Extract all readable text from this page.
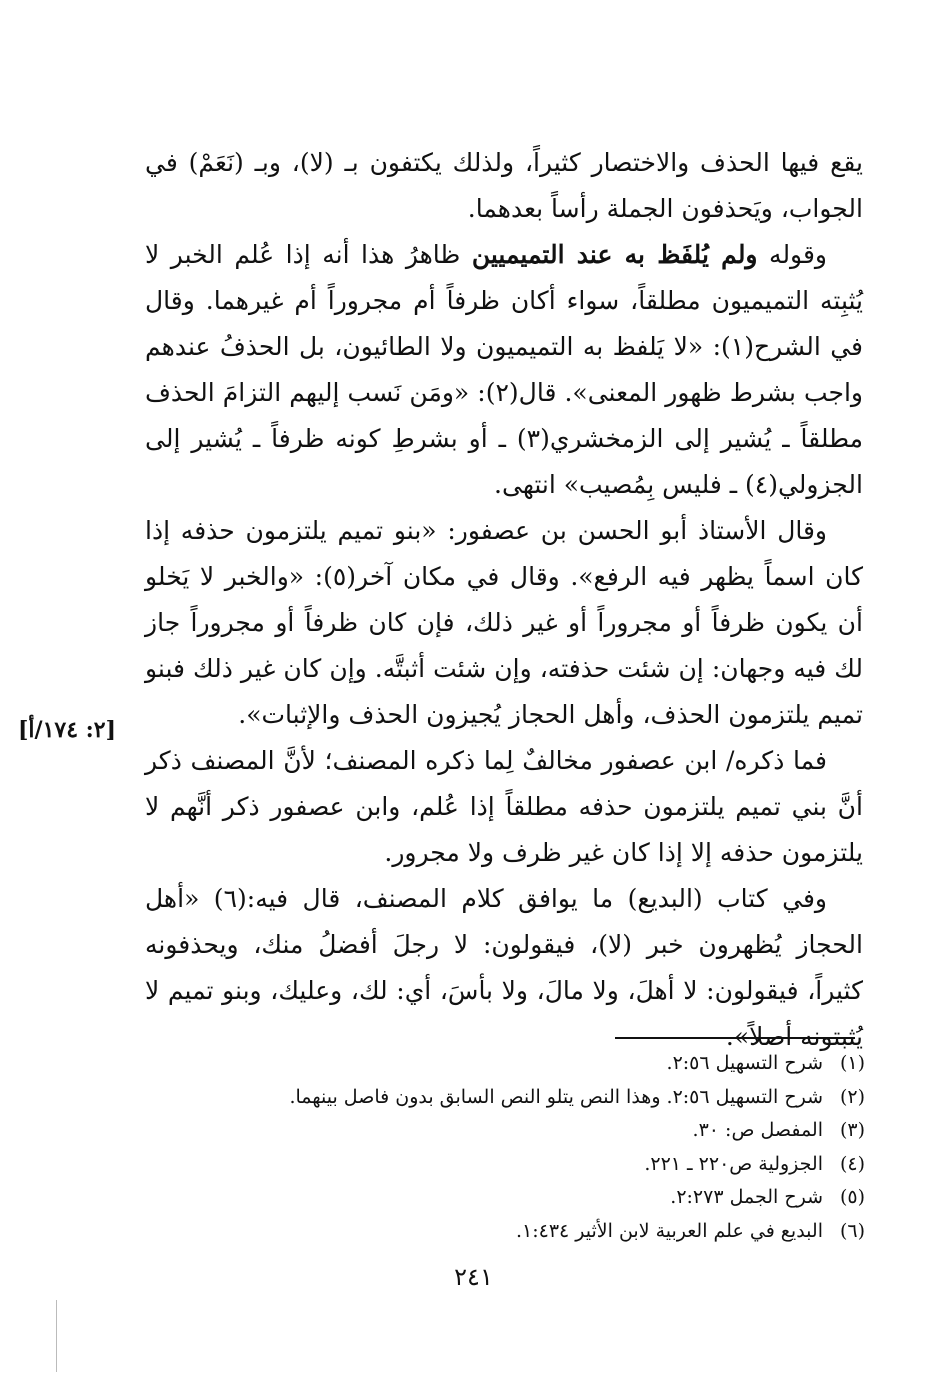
يقع فيها الحذف والاختصار كثيراً، ولذلك يكتفون بـ (لا)، وبـ (نَعَمْ) في الجواب، ويَحذفون الجملة رأساً بعدهما.

وقوله ولم يُلفَظ به عند التميميين ظاهرُ هذا أنه إذا عُلم الخبر لا يُثبِته التميميون مطلقاً، سواء أكان ظرفاً أم مجروراً أم غيرهما. وقال في الشرح(١): «لا يَلفظ به التميميون ولا الطائيون، بل الحذفُ عندهم واجب بشرط ظهور المعنى». قال(٢): «ومَن نَسب إليهم التزامَ الحذف مطلقاً ـ يُشير إلى الزمخشري(٣) ـ أو بشرطِ كونه ظرفاً ـ يُشير إلى الجزولي(٤) ـ فليس بِمُصيب» انتهى.

وقال الأستاذ أبو الحسن بن عصفور: «بنو تميم يلتزمون حذفه إذا كان اسماً يظهر فيه الرفع». وقال في مكان آخر(٥): «والخبر لا يَخلو أن يكون ظرفاً أو مجروراً أو غير ذلك، فإن كان ظرفاً أو مجروراً جاز لك فيه وجهان: إن شئت حذفته، وإن شئت أثبتَّه. وإن كان غير ذلك فبنو تميم يلتزمون الحذف، وأهل الحجاز يُجيزون الحذف والإثبات».

فما ذكره/ ابن عصفور مخالفٌ لِما ذكره المصنف؛ لأنَّ المصنف ذكر أنَّ بني تميم يلتزمون حذفه مطلقاً إذا عُلم، وابن عصفور ذكر أنَّهم لا يلتزمون حذفه إلا إذا كان غير ظرف ولا مجرور.

وفي كتاب (البديع) ما يوافق كلام المصنف، قال فيه:(٦) «أهل الحجاز يُظهرون خبر (لا)، فيقولون: لا رجلَ أفضلُ منك، ويحذفونه كثيراً، فيقولون: لا أهلَ، ولا مالَ، ولا بأسَ، أي: لك، وعليك، وبنو تميم لا يُثبتونه أصلاً».

[٢: ١٧٤/أ]
(١)
شرح التسهيل ٢:٥٦.
(٢)
شرح التسهيل ٢:٥٦. وهذا النص يتلو النص السابق بدون فاصل بينهما.
(٣)
المفصل ص: ٣٠.
(٤)
الجزولية ص٢٢٠ ـ ٢٢١.
(٥)
شرح الجمل ٢:٢٧٣.
(٦)
البديع في علم العربية لابن الأثير ١:٤٣٤.
٢٤١
